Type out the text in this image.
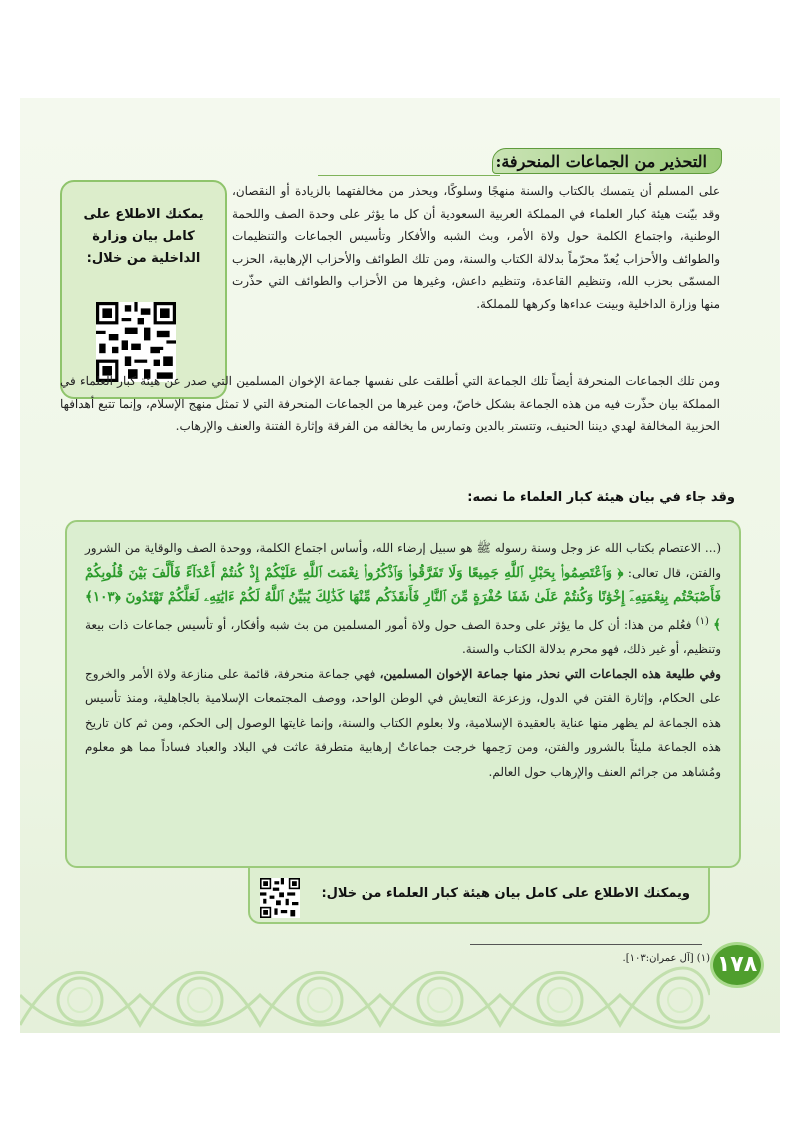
التحذير من الجماعات المنحرفة:
يمكنك الاطلاع على كامل بيان وزارة الداخلية من خلال:

على المسلم أن يتمسك بالكتاب والسنة منهجًا وسلوكًا، ويحذر من مخالفتهما بالزيادة أو النقصان، وقد بيّنت هيئة كبار العلماء في المملكة العربية السعودية أن كل ما يؤثر على وحدة الصف واللحمة الوطنية، واجتماع الكلمة حول ولاة الأمر، وبث الشبه والأفكار وتأسيس الجماعات والتنظيمات والطوائف والأحزاب يُعدّ محرّماً بدلالة الكتاب والسنة، ومن تلك الطوائف والأحزاب الإرهابية، الحزب المسمّى بحزب الله، وتنظيم القاعدة، وتنظيم داعش، وغيرها من الأحزاب والطوائف التي حذّرت منها وزارة الداخلية وبينت عداءها وكرهها للمملكة.

ومن تلك الجماعات المنحرفة أيضاً تلك الجماعة التي أطلقت على نفسها جماعة الإخوان المسلمين التي صدر عن هيئة كبار العلماء في المملكة بيان حذّرت فيه من هذه الجماعة بشكل خاصّ، ومن غيرها من الجماعات المنحرفة التي لا تمثل منهج الإسلام، وإنما تتبع أهدافها الحزبية المخالفة لهدي ديننا الحنيف، وتتستر بالدين وتمارس ما يخالفه من الفرقة وإثارة الفتنة والعنف والإرهاب.

وقد جاء في بيان هيئة كبار العلماء ما نصه:

(... الاعتصام بكتاب الله عز وجل وسنة رسوله ﷺ هو سبيل إرضاء الله، وأساس اجتماع الكلمة، ووحدة الصف والوقاية من الشرور والفتن، قال تعالى: ﴿ وَٱعْتَصِمُوا۟ بِحَبْلِ ٱللَّهِ جَمِيعًا وَلَا تَفَرَّقُوا۟ وَٱذْكُرُوا۟ نِعْمَتَ ٱللَّهِ عَلَيْكُمْ إِذْ كُنتُمْ أَعْدَآءً فَأَلَّفَ بَيْنَ قُلُوبِكُمْ فَأَصْبَحْتُم بِنِعْمَتِهِۦٓ إِخْوَٰنًا وَكُنتُمْ عَلَىٰ شَفَا حُفْرَةٍ مِّنَ ٱلنَّارِ فَأَنقَذَكُم مِّنْهَا كَذَٰلِكَ يُبَيِّنُ ٱللَّهُ لَكُمْ ءَايَٰتِهِۦ لَعَلَّكُمْ تَهْتَدُونَ ﴿١٠٣﴾ ﴾ $^{(١)}$ فعُلم من هذا: أن كل ما يؤثر على وحدة الصف حول ولاة أمور المسلمين من بث شبه وأفكار، أو تأسيس جماعات ذات بيعة وتنظيم، أو غير ذلك، فهو محرم بدلالة الكتاب والسنة.

وفي طليعة هذه الجماعات التي نحذر منها جماعة الإخوان المسلمين، فهي جماعة منحرفة، قائمة على منازعة ولاة الأمر والخروج على الحكام، وإثارة الفتن في الدول، وزعزعة التعايش في الوطن الواحد، ووصف المجتمعات الإسلامية بالجاهلية، ومنذ تأسيس هذه الجماعة لم يظهر منها عناية بالعقيدة الإسلامية، ولا بعلوم الكتاب والسنة، وإنما غايتها الوصول إلى الحكم، ومن ثم كان تاريخ هذه الجماعة مليئاً بالشرور والفتن، ومن رَحِمها خرجت جماعاتٌ إرهابية متطرفة عاثت في البلاد والعباد فساداً مما هو معلوم ومُشاهد من جرائم العنف والإرهاب حول العالم.

ويمكنك الاطلاع على كامل بيان هيئة كبار العلماء من خلال:
(١) [آل عمران:١٠٣]. ١٧٨
